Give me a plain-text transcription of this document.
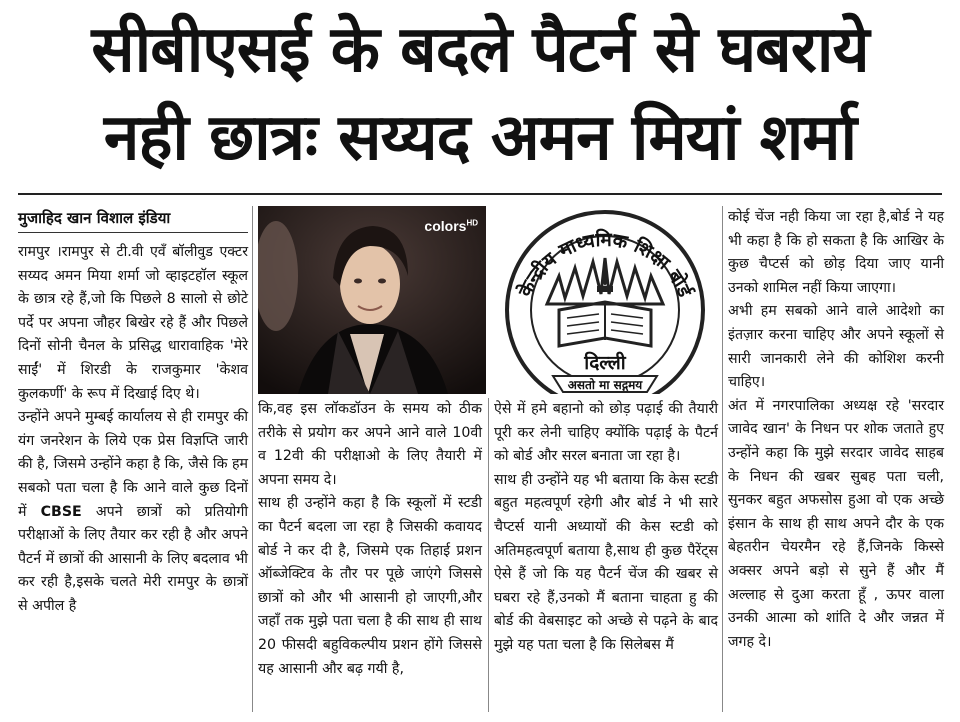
सीबीएसई के बदले पैटर्न से घबराये
नही छात्रः सय्यद अमन मियां शर्मा
मुजाहिद खान विशाल इंडिया

रामपुर ।रामपुर से टी.वी एवँ बॉलीवुड एक्टर सय्यद अमन मिया शर्मा जो व्हाइटहॉल स्कूल के छात्र रहे हैं,जो कि पिछले 8 सालो से छोटे पर्दे पर अपना जौहर बिखेर रहे हैं और पिछले दिनों सोनी चैनल के प्रसिद्ध धारावाहिक 'मेरे साईं' में शिरडी के राजकुमार 'केशव कुलकर्णी' के रूप में दिखाई दिए थे।

उन्होंने अपने मुम्बई कार्यालय से ही रामपुर की यंग जनरेशन के लिये एक प्रेस विज्ञप्ति जारी की है, जिसमे उन्होंने कहा है कि, जैसे कि हम सबको पता चला है कि आने वाले कुछ दिनों में CBSE अपने छात्रों को प्रतियोगी परीक्षाओं के लिए तैयार कर रही है और अपने पैटर्न में छात्रों की आसानी के लिए बदलाव भी कर रही है,इसके चलते मेरी रामपुर के छात्रों से अपील है

colors$^{HD}$
केन्द्रीय माध्यमिक शिक्षा बोर्ड
दिल्ली
असतो मा सद्गमय

कि,वह इस लॉकडॉउन के समय को ठीक तरीके से प्रयोग कर अपने आने वाले 10वी व 12वी की परीक्षाओ के लिए तैयारी में अपना समय दे।

साथ ही उन्होंने कहा है कि स्कूलों में स्टडी का पैटर्न बदला जा रहा है जिसकी कवायद बोर्ड ने कर दी है, जिसमे एक तिहाई प्रशन ऑब्जेक्टिव के तौर पर पूछे जाएंगे जिससे छात्रों को और भी आसानी हो जाएगी,और जहाँ तक मुझे पता चला है की साथ ही साथ 20 फीसदी बहुविकल्पीय प्रशन होंगे जिससे यह आसानी और बढ़ गयी है,

ऐसे में हमे बहानो को छोड़ पढ़ाई की तैयारी पूरी कर लेनी चाहिए क्योंकि पढ़ाई के पैटर्न को बोर्ड और सरल बनाता जा रहा है।

साथ ही उन्होंने यह भी बताया कि केस स्टडी बहुत महत्वपूर्ण रहेगी और बोर्ड ने भी सारे चैप्टर्स यानी अध्यायों की केस स्टडी को अतिमहत्वपूर्ण बताया है,साथ ही कुछ पैरेंट्स ऐसे हैं जो कि यह पैटर्न चेंज की खबर से घबरा रहे हैं,उनको मैं बताना चाहता हु की बोर्ड की वेबसाइट को अच्छे से पढ़ने के बाद मुझे यह पता चला है कि सिलेबस मैं

कोई चेंज नही किया जा रहा है,बोर्ड ने यह भी कहा है कि हो सकता है कि आखिर के कुछ चैप्टर्स को छोड़ दिया जाए यानी उनको शामिल नहीं किया जाएगा।

अभी हम सबको आने वाले आदेशो का इंतज़ार करना चाहिए और अपने स्कूलों से सारी जानकारी लेने की कोशिश करनी चाहिए।

अंत में नगरपालिका अध्यक्ष रहे 'सरदार जावेद खान' के निधन पर शोक जताते हुए उन्होंने कहा कि मुझे सरदार जावेद साहब के निधन की खबर सुबह पता चली, सुनकर बहुत अफसोस हुआ वो एक अच्छे इंसान के साथ ही साथ अपने दौर के एक बेहतरीन चेयरमैन रहे हैं,जिनके किस्से अक्सर अपने बड़ो से सुने हैं और मैं अल्लाह से दुआ करता हूँ , ऊपर वाला उनकी आत्मा को शांति दे और जन्नत में जगह दे।
